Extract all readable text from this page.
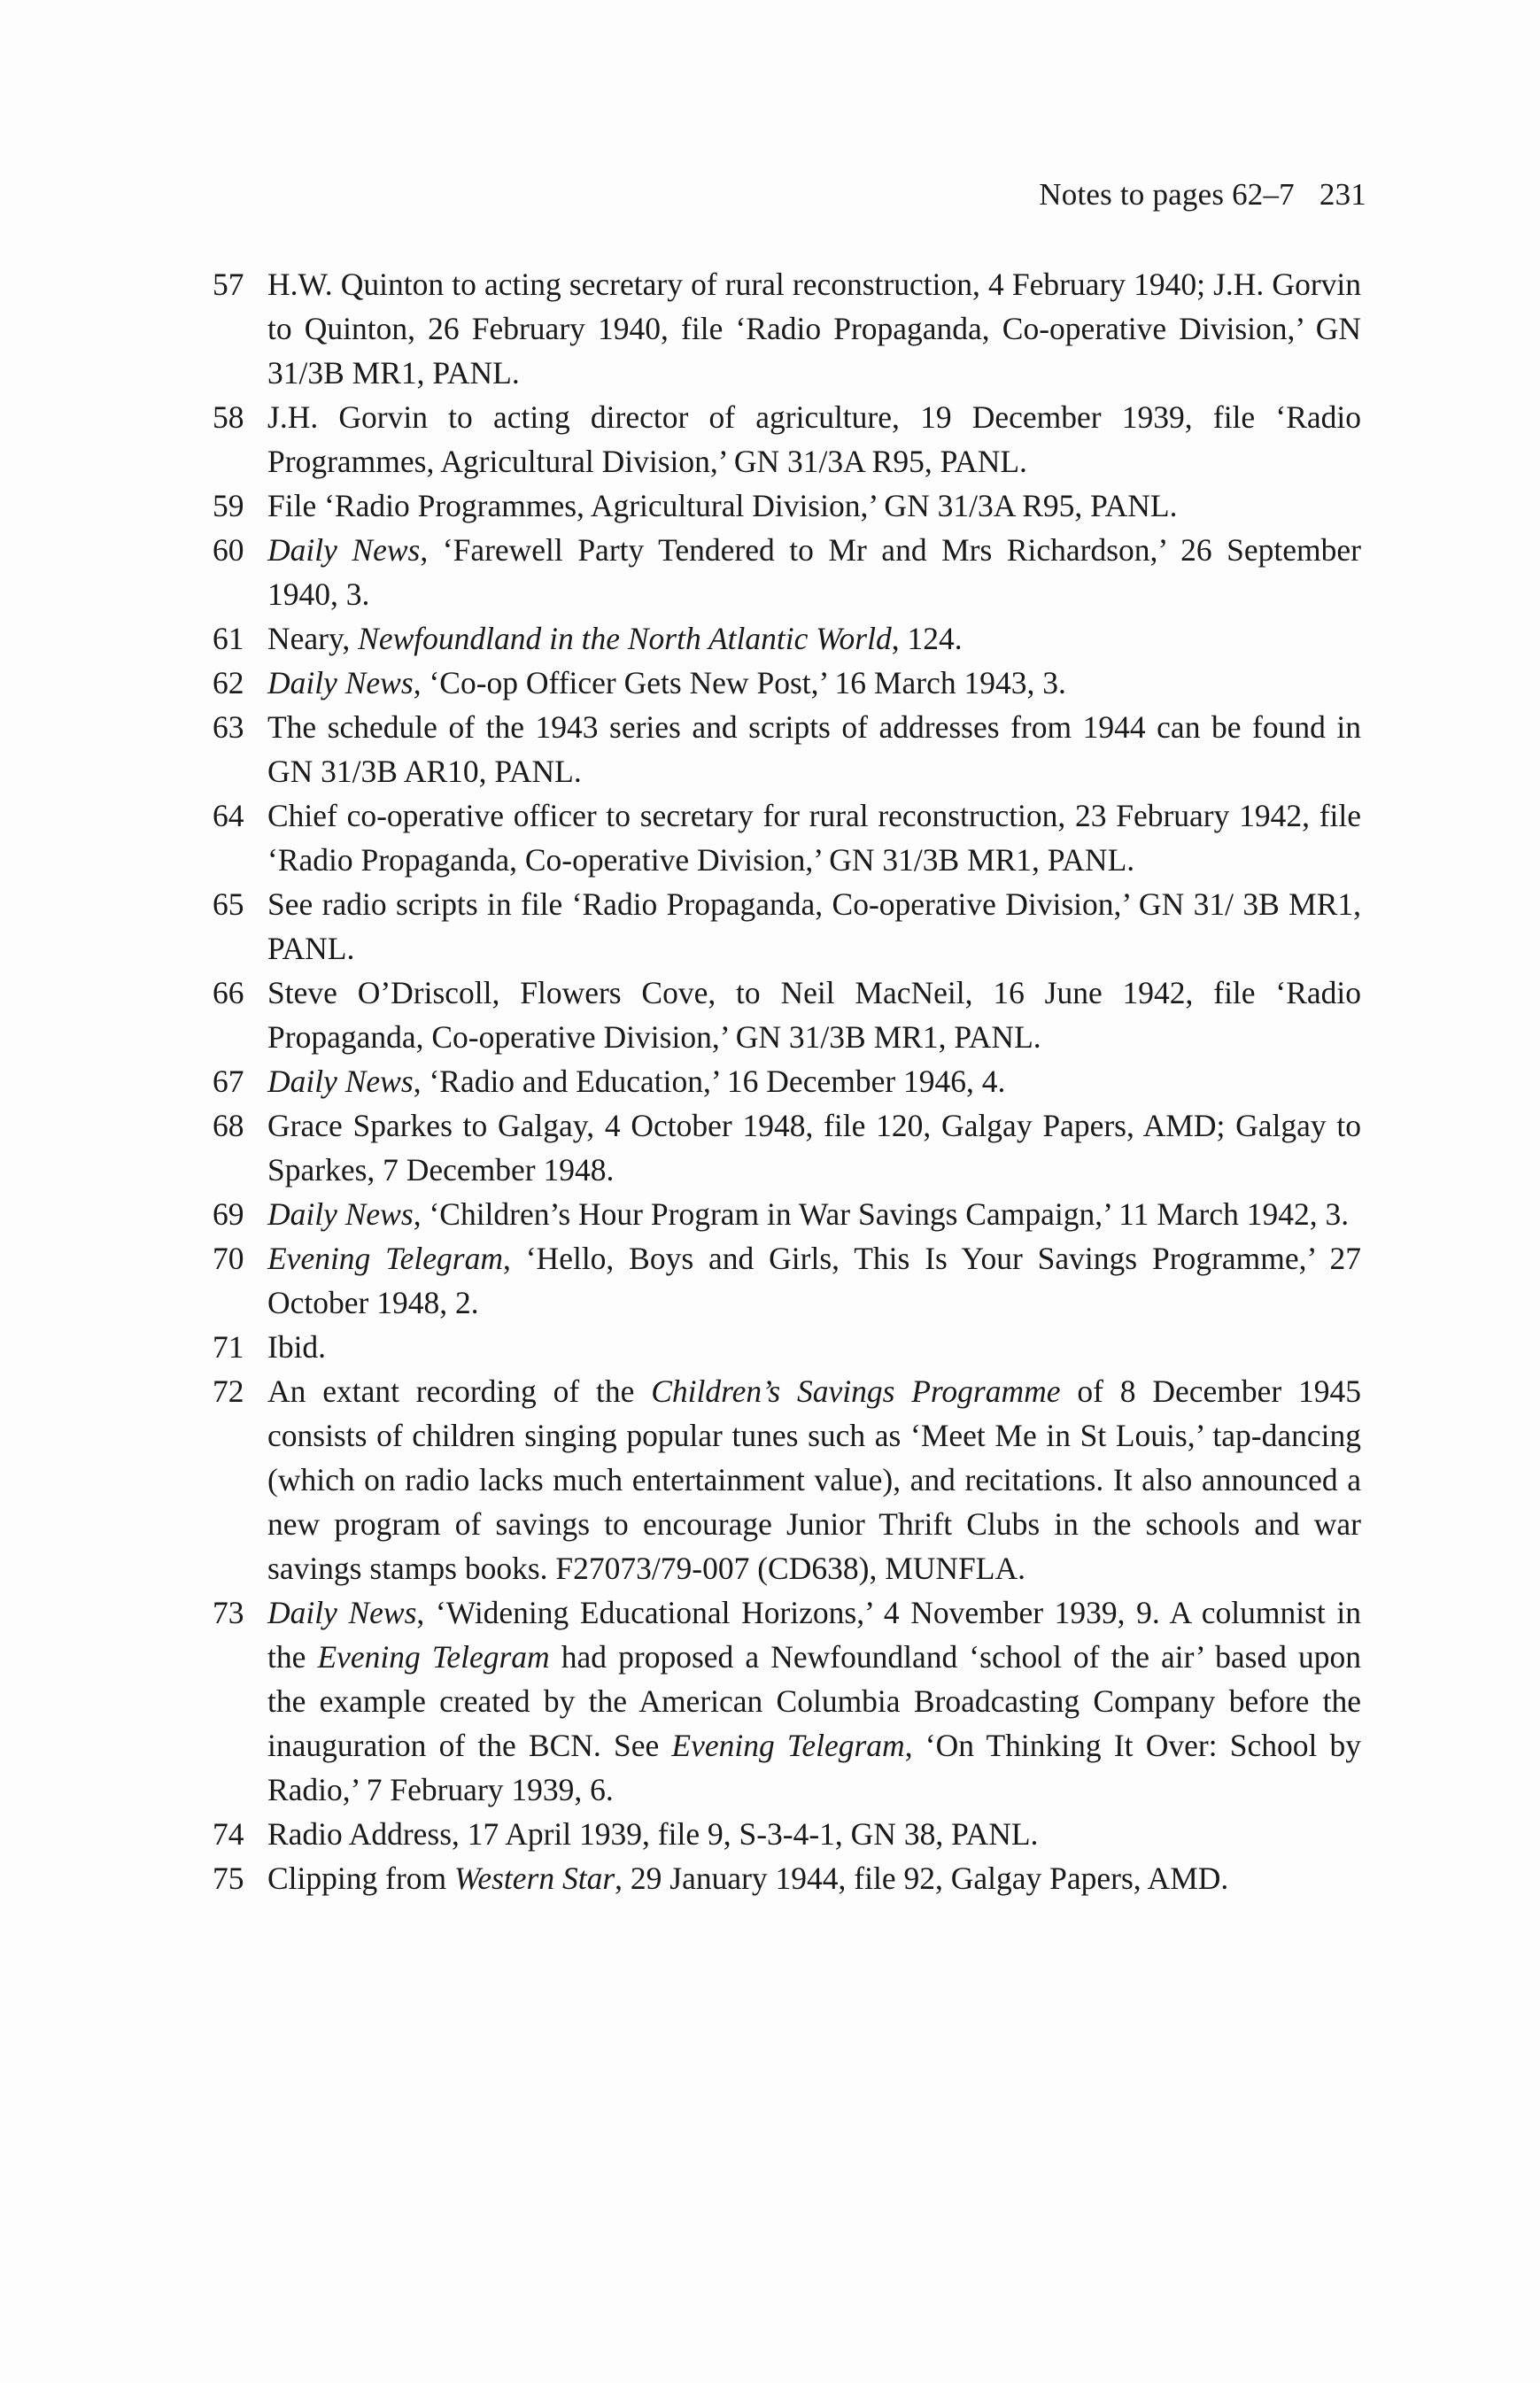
Notes to pages 62–7 231
57 H.W. Quinton to acting secretary of rural reconstruction, 4 February 1940; J.H. Gorvin to Quinton, 26 February 1940, file ‘Radio Propaganda, Co-operative Division,’ GN 31/3B MR1, PANL.
58 J.H. Gorvin to acting director of agriculture, 19 December 1939, file ‘Radio Programmes, Agricultural Division,’ GN 31/3A R95, PANL.
59 File ‘Radio Programmes, Agricultural Division,’ GN 31/3A R95, PANL.
60 Daily News, ‘Farewell Party Tendered to Mr and Mrs Richardson,’ 26 September 1940, 3.
61 Neary, Newfoundland in the North Atlantic World, 124.
62 Daily News, ‘Co-op Officer Gets New Post,’ 16 March 1943, 3.
63 The schedule of the 1943 series and scripts of addresses from 1944 can be found in GN 31/3B AR10, PANL.
64 Chief co-operative officer to secretary for rural reconstruction, 23 February 1942, file ‘Radio Propaganda, Co-operative Division,’ GN 31/3B MR1, PANL.
65 See radio scripts in file ‘Radio Propaganda, Co-operative Division,’ GN 31/ 3B MR1, PANL.
66 Steve O’Driscoll, Flowers Cove, to Neil MacNeil, 16 June 1942, file ‘Radio Propaganda, Co-operative Division,’ GN 31/3B MR1, PANL.
67 Daily News, ‘Radio and Education,’ 16 December 1946, 4.
68 Grace Sparkes to Galgay, 4 October 1948, file 120, Galgay Papers, AMD; Galgay to Sparkes, 7 December 1948.
69 Daily News, ‘Children’s Hour Program in War Savings Campaign,’ 11 March 1942, 3.
70 Evening Telegram, ‘Hello, Boys and Girls, This Is Your Savings Programme,’ 27 October 1948, 2.
71 Ibid.
72 An extant recording of the Children’s Savings Programme of 8 December 1945 consists of children singing popular tunes such as ‘Meet Me in St Louis,’ tap-dancing (which on radio lacks much entertainment value), and recitations. It also announced a new program of savings to encourage Junior Thrift Clubs in the schools and war savings stamps books. F27073/79-007 (CD638), MUNFLA.
73 Daily News, ‘Widening Educational Horizons,’ 4 November 1939, 9. A columnist in the Evening Telegram had proposed a Newfoundland ‘school of the air’ based upon the example created by the American Columbia Broadcasting Company before the inauguration of the BCN. See Evening Telegram, ‘On Thinking It Over: School by Radio,’ 7 February 1939, 6.
74 Radio Address, 17 April 1939, file 9, S-3-4-1, GN 38, PANL.
75 Clipping from Western Star, 29 January 1944, file 92, Galgay Papers, AMD.
